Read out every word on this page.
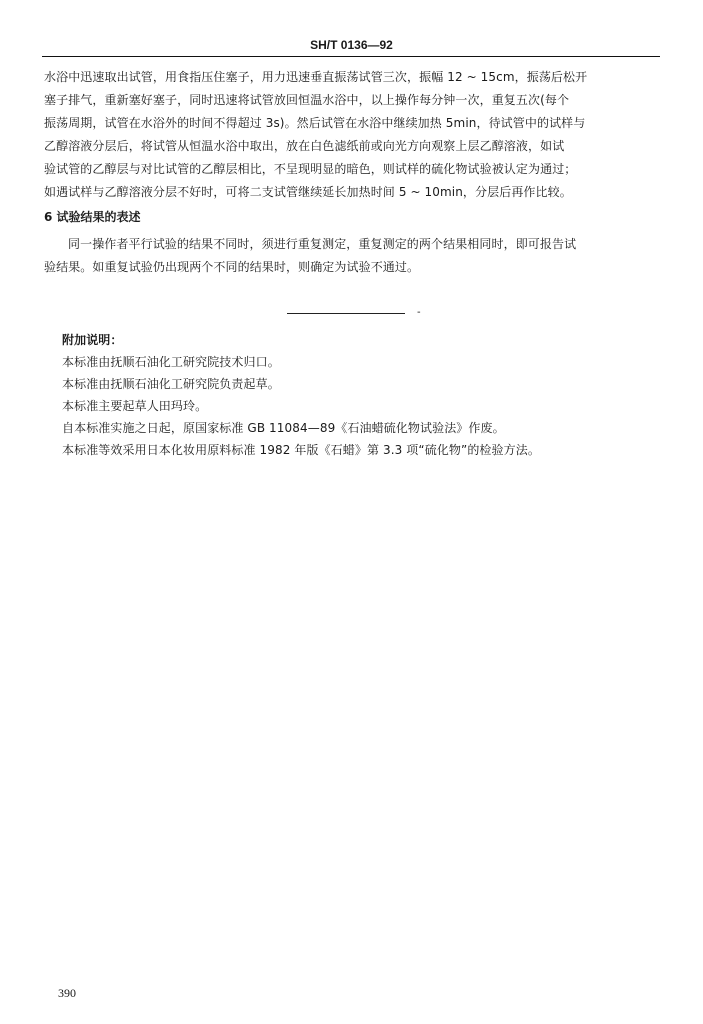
SH/T 0136—92
水浴中迅速取出试管，用食指压住塞子，用力迅速垂直振荡试管三次，振幅 12 ~ 15cm，振荡后松开
塞子排气，重新塞好塞子，同时迅速将试管放回恒温水浴中，以上操作每分钟一次，重复五次(每个
振荡周期，试管在水浴外的时间不得超过 3s)。然后试管在水浴中继续加热 5min，待试管中的试样与
乙醇溶液分层后，将试管从恒温水浴中取出，放在白色滤纸前或向光方向观察上层乙醇溶液，如试
验试管的乙醇层与对比试管的乙醇层相比，不呈现明显的暗色，则试样的硫化物试验被认定为通过；
如遇试样与乙醇溶液分层不好时，可将二支试管继续延长加热时间 5 ~ 10min，分层后再作比较。
6 试验结果的表述
同一操作者平行试验的结果不同时，须进行重复测定，重复测定的两个结果相同时，即可报告试
验结果。如重复试验仍出现两个不同的结果时，则确定为试验不通过。
-
附加说明：
本标准由抚顺石油化工研究院技术归口。
本标准由抚顺石油化工研究院负责起草。
本标准主要起草人田玛玲。
自本标准实施之日起，原国家标准 GB 11084—89《石油蜡硫化物试验法》作废。
本标准等效采用日本化妆用原料标准 1982 年版《石蜡》第 3.3 项“硫化物”的检验方法。
390
